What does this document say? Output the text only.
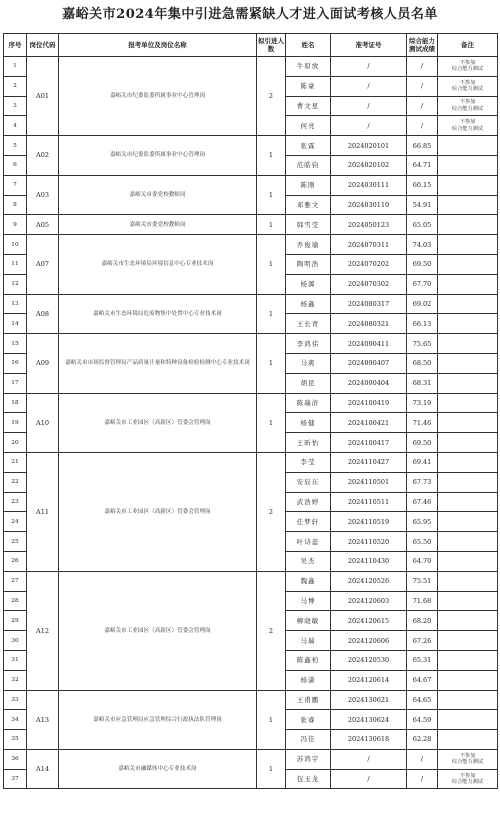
嘉峪关市2024年集中引进急需紧缺人才进入面试考核人员名单
序号	岗位代码	报考单位及岗位名称	拟引进人数	姓名	准考证号	综合能力测试成绩	备注
1	A01	嘉峪关市纪委监委所属事业中心管理岗	2	牛原放	/	/	不参加
综合能力测试
2				陈豪	/	/	不参加
综合能力测试
3				曹文星	/	/	不参加
综合能力测试
4				何亮	/	/	不参加
综合能力测试
5	A02	嘉峪关市纪委监委所属事业中心管理岗	1	张霖	2024020101	66.85	
6				范皓钧	2024020102	64.71	
7	A03	嘉峪关市委党校教师岗	1	陈刚	2024030111	60.15	
8				邓雅文	2024030110	54.91	
9	A05	嘉峪关市委党校教师岗	1	韩雪莹	2024050123	65.05	
10	A07	嘉峪关市生态环境局环境信息中心专业技术岗	1	乔俊瑜	2024070311	74.03	
11				陶明浩	2024070202	69.50	
12				杨源	2024070302	67.70	
13	A08	嘉峪关市生态环境局危废物集中处置中心专业技术岗	1	杨鑫	2024080317	69.02	
14				王长青	2024080321	66.13	
15	A09	嘉峪关市市场监督管理局产品质量计量和特种设备检验检测中心专业技术岗	1	李鸿伟	2024090411	75.65	
16				马爽	2024090407	68.50	
17				胡昆	2024090404	68.31	
18	A10	嘉峪关市工业园区（高新区）管委会管理岗	1	陈瑞浒	2024100419	73.19	
19				杨健	2024100421	71.46	
20				王昕怡	2024100417	69.50	
21	A11	嘉峪关市工业园区（高新区）管委会管理岗	2	李莹	2024110427	69.41	
22				安辰东	2024110501	67.73	
23				武浩婷	2024110511	67.46	
24				任梦轩	2024110519	65.95	
25				叶诗蕊	2024110520	65.50	
26				吴杰	2024110430	64.70	
27	A12	嘉峪关市工业园区（高新区）管委会管理岗	2	魏鑫	2024120526	75.51	
28				马博	2024120603	71.68	
29				柳晓敏	2024120615	68.20	
30				马瑞	2024120606	67.26	
31				陈鑫柏	2024120530	65.31	
32				杨潇	2024120614	64.67	
33	A13	嘉峪关市应急管理局应急管理综合行政执法队管理岗	1	王甫鹏	2024130621	64.65	
34				张睿	2024130624	64.59	
35				冯佳	2024130618	62.28	
36	A14	嘉峪关市融媒体中心专业技术岗	1	苏鸿宇	/	/	不参加
综合能力测试
37				包玉龙	/	/	不参加
综合能力测试
